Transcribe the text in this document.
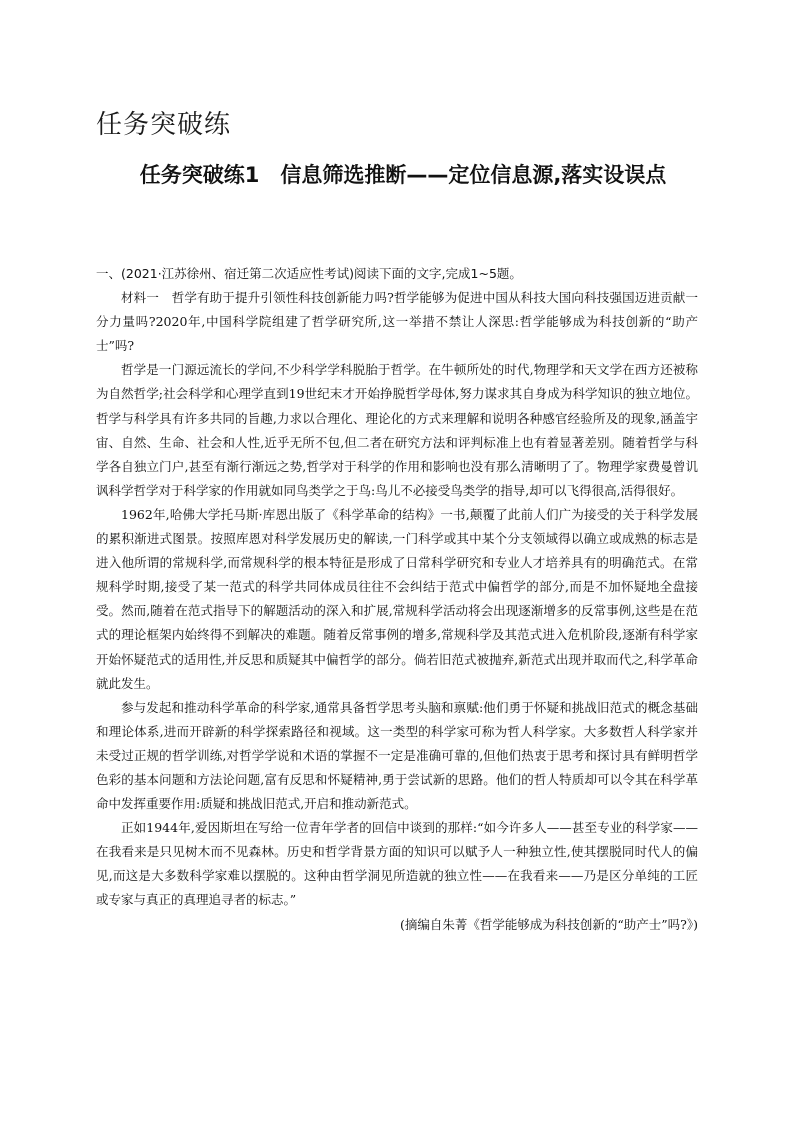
任务突破练
任务突破练1　信息筛选推断——定位信息源,落实设误点

一、(2021·江苏徐州、宿迁第二次适应性考试)阅读下面的文字,完成1~5题。

材料一　哲学有助于提升引领性科技创新能力吗?哲学能够为促进中国从科技大国向科技强国迈进贡献一分力量吗?2020年,中国科学院组建了哲学研究所,这一举措不禁让人深思:哲学能够成为科技创新的“助产士”吗?

哲学是一门源远流长的学问,不少科学学科脱胎于哲学。在牛顿所处的时代,物理学和天文学在西方还被称为自然哲学;社会科学和心理学直到19世纪末才开始挣脱哲学母体,努力谋求其自身成为科学知识的独立地位。哲学与科学具有许多共同的旨趣,力求以合理化、理论化的方式来理解和说明各种感官经验所及的现象,涵盖宇宙、自然、生命、社会和人性,近乎无所不包,但二者在研究方法和评判标准上也有着显著差别。随着哲学与科学各自独立门户,甚至有渐行渐远之势,哲学对于科学的作用和影响也没有那么清晰明了了。物理学家费曼曾讥讽科学哲学对于科学家的作用就如同鸟类学之于鸟:鸟儿不必接受鸟类学的指导,却可以飞得很高,活得很好。

1962年,哈佛大学托马斯·库恩出版了《科学革命的结构》一书,颠覆了此前人们广为接受的关于科学发展的累积渐进式图景。按照库恩对科学发展历史的解读,一门科学或其中某个分支领域得以确立或成熟的标志是进入他所谓的常规科学,而常规科学的根本特征是形成了日常科学研究和专业人才培养具有的明确范式。在常规科学时期,接受了某一范式的科学共同体成员往往不会纠结于范式中偏哲学的部分,而是不加怀疑地全盘接受。然而,随着在范式指导下的解题活动的深入和扩展,常规科学活动将会出现逐渐增多的反常事例,这些是在范式的理论框架内始终得不到解决的难题。随着反常事例的增多,常规科学及其范式进入危机阶段,逐渐有科学家开始怀疑范式的适用性,并反思和质疑其中偏哲学的部分。倘若旧范式被抛弃,新范式出现并取而代之,科学革命就此发生。

参与发起和推动科学革命的科学家,通常具备哲学思考头脑和禀赋:他们勇于怀疑和挑战旧范式的概念基础和理论体系,进而开辟新的科学探索路径和视域。这一类型的科学家可称为哲人科学家。大多数哲人科学家并未受过正规的哲学训练,对哲学学说和术语的掌握不一定是准确可靠的,但他们热衷于思考和探讨具有鲜明哲学色彩的基本问题和方法论问题,富有反思和怀疑精神,勇于尝试新的思路。他们的哲人特质却可以令其在科学革命中发挥重要作用:质疑和挑战旧范式,开启和推动新范式。

正如1944年,爱因斯坦在写给一位青年学者的回信中谈到的那样:“如今许多人——甚至专业的科学家——在我看来是只见树木而不见森林。历史和哲学背景方面的知识可以赋予人一种独立性,使其摆脱同时代人的偏见,而这是大多数科学家难以摆脱的。这种由哲学洞见所造就的独立性——在我看来——乃是区分单纯的工匠或专家与真正的真理追寻者的标志。”

(摘编自朱菁《哲学能够成为科技创新的“助产士”吗?》)
